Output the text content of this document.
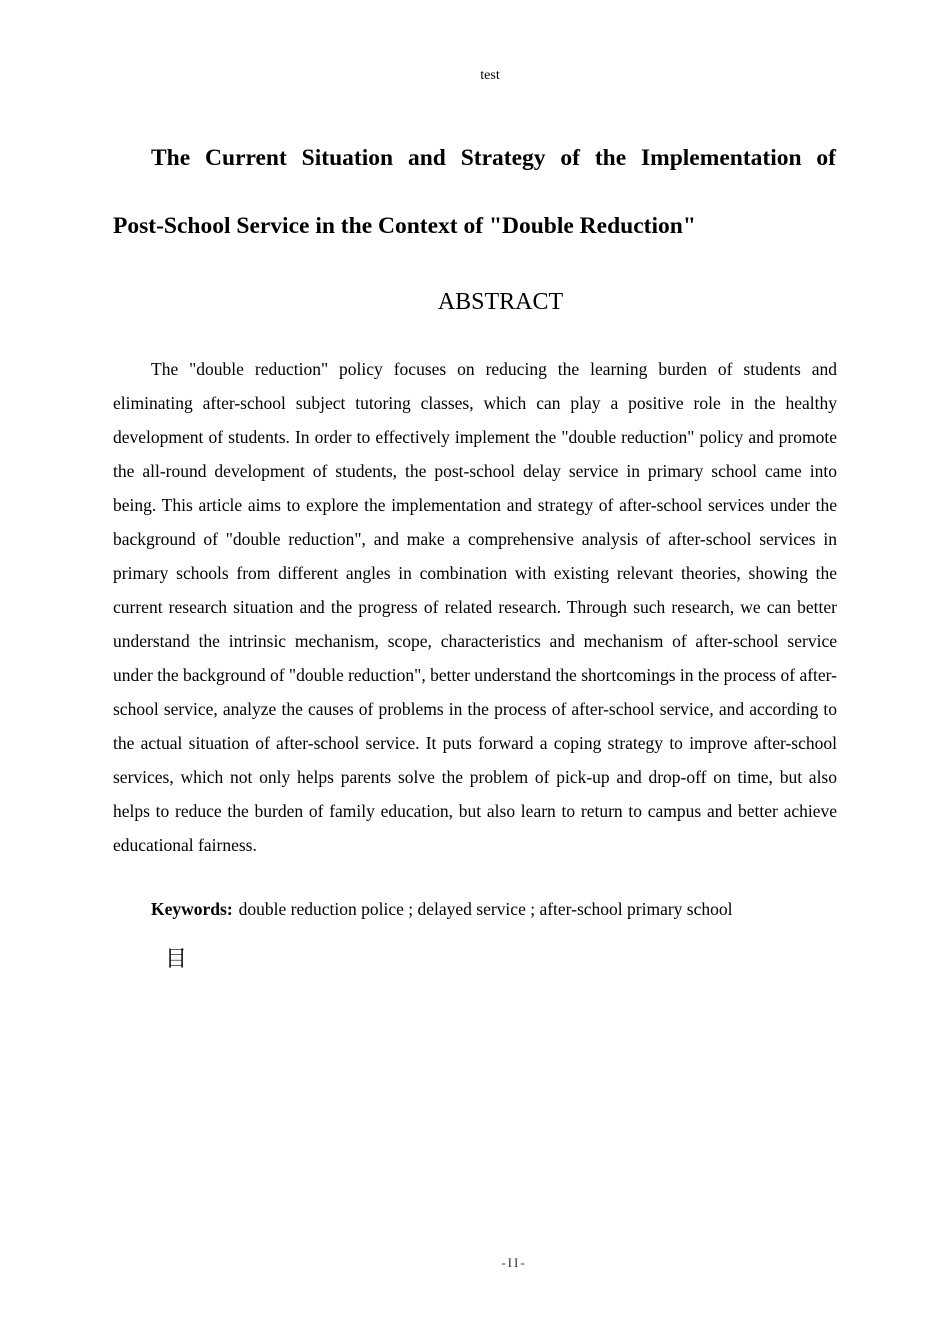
test
The Current Situation and Strategy of the Implementation of
Post-School Service in the Context of "Double Reduction"
ABSTRACT

The "double reduction" policy focuses on reducing the learning burden of students and eliminating after-school subject tutoring classes, which can play a positive role in the healthy development of students. In order to effectively implement the "double reduction" policy and promote the all-round development of students, the post-school delay service in primary school came into being. This article aims to explore the implementation and strategy of after-school services under the background of "double reduction", and make a comprehensive analysis of after-school services in primary schools from different angles in combination with existing relevant theories, showing the current research situation and the progress of related research. Through such research, we can better understand the intrinsic mechanism, scope, characteristics and mechanism of after-school service under the background of "double reduction", better understand the shortcomings in the process of after-school service, analyze the causes of problems in the process of after-school service, and according to the actual situation of after-school service. It puts forward a coping strategy to improve after-school services, which not only helps parents solve the problem of pick-up and drop-off on time, but also helps to reduce the burden of family education, but also learn to return to campus and better achieve educational fairness.

Keywords: double reduction police ; delayed service ; after-school primary school
目
-II-
